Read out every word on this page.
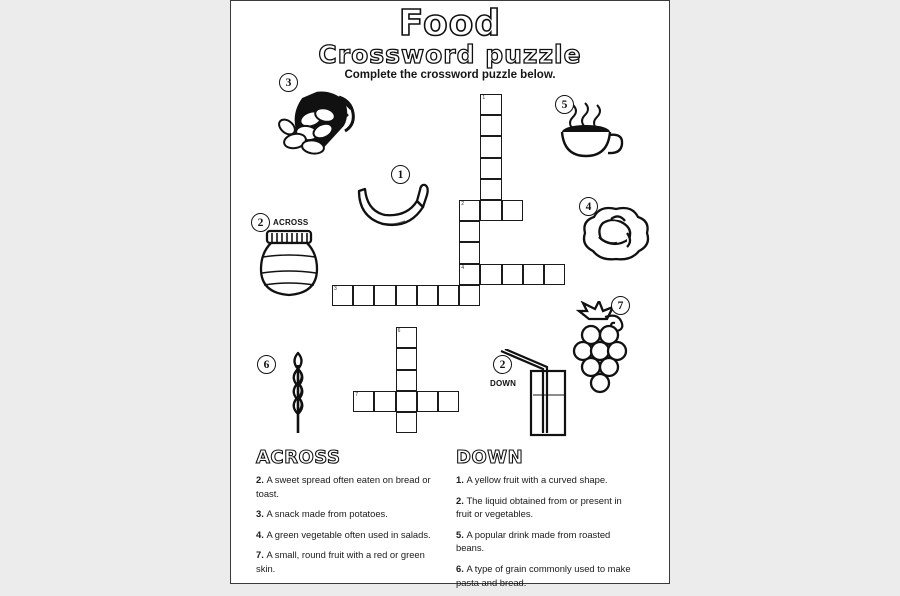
Food
Crossword puzzle
Complete the crossword puzzle below.
1
2
4
3
6
7
3
1
2	ACROSS
5
4
7
6	2
DOWN
ACROSS
2. A sweet spread often eaten on bread or toast.
3. A snack made from potatoes.
4. A green vegetable often used in salads.
7. A small, round fruit with a red or green skin.
DOWN
1. A yellow fruit with a curved shape.
2. The liquid obtained from or present in fruit or vegetables.
5. A popular drink made from roasted beans.
6. A type of grain commonly used to make pasta and bread.
